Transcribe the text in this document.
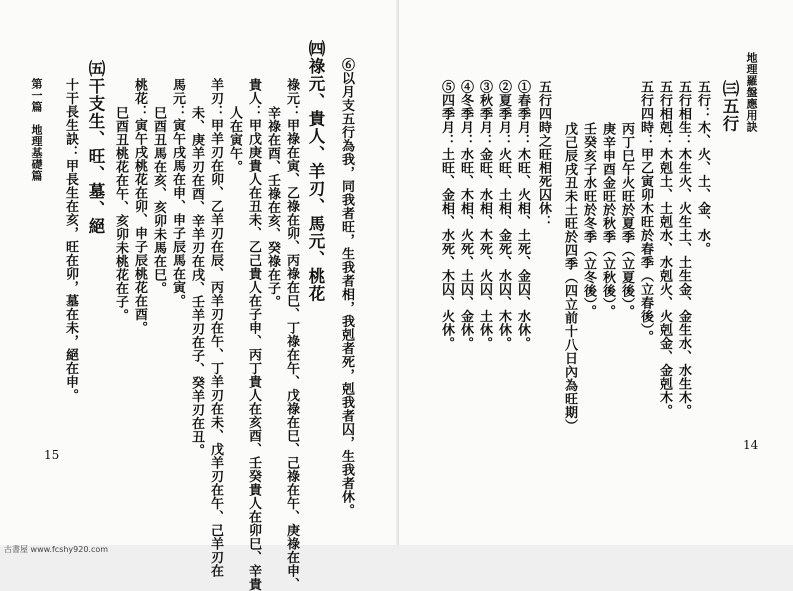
地理羅盤應用訣
㈢五行
五行：木、火、土、金、水。
五行相生：木生火、火生土、土生金、金生水、水生木。
五行相剋：木剋土、土剋水、水剋火、火剋金、金剋木。
五行四時：甲乙寅卯木旺於春季（立春後）。
丙丁巳午火旺於夏季（立夏後）。
庚辛申酉金旺於秋季（立秋後）。
壬癸亥子水旺於冬季（立冬後）。
戊己辰戌丑未土旺於四季（四立前十八日內為旺期）
五行四時之旺相死囚休：
①春季月：木旺、火相、土死、金囚、水休。
②夏季月：火旺、土相、金死、水囚、木休。
③秋季月：金旺、水相、木死、火囚、土休。
④冬季月：水旺、木相、火死、土囚、金休。
⑤四季月：土旺、金相、水死、木囚、火休。
14
⑥以月支五行為我，同我者旺，生我者相，我剋者死，剋我者囚，生我者休。
㈣祿元、貴人、羊刃、馬元、桃花
祿元：甲祿在寅、乙祿在卯、丙祿在巳、丁祿在午、戊祿在巳、己祿在午、庚祿在申、
辛祿在酉、壬祿在亥、癸祿在子。
貴人：甲戊庚貴人在丑未、乙己貴人在子申、丙丁貴人在亥酉、壬癸貴人在卯巳、辛貴
人在寅午。
羊刃：甲羊刃在卯、乙羊刃在辰、丙羊刃在午、丁羊刃在未、戊羊刃在午、己羊刃在
未、庚羊刃在酉、辛羊刃在戌、壬羊刃在子、癸羊刃在丑。
馬元：寅午戌馬在申、申子辰馬在寅。
巳酉丑馬在亥、亥卯未馬在巳。
桃花：寅午戌桃花在卯、申子辰桃花在酉。
巳酉丑桃花在午、亥卯未桃花在子。
㈤干支生、旺、墓、絕
十干長生訣：甲長生在亥，旺在卯，墓在未，絕在申。
第一篇　地理基礎篇
15
古書屋 www.fcshy920.com
